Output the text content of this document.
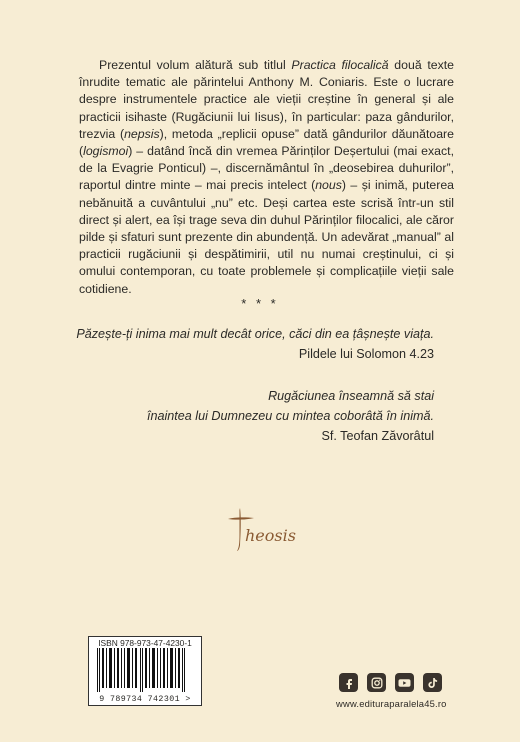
Prezentul volum alătură sub titlul Practica filocalică două texte înrudite tematic ale părintelui Anthony M. Coniaris. Este o lucrare despre instrumentele practice ale vieții creștine în general și ale practicii isihaste (Rugăciunii lui Iisus), în particular: paza gândurilor, trezvia (nepsis), metoda „replicii opuse” dată gândurilor dăunătoare (logismoi) – datând încă din vremea Părinților Deșertului (mai exact, de la Evagrie Ponticul) –, discernământul în „deosebirea duhurilor”, raportul dintre minte – mai precis intelect (nous) – și inimă, puterea nebănuită a cuvântului „nu” etc. Deși cartea este scrisă într-un stil direct și alert, ea își trage seva din duhul Părinților filocalici, ale căror pilde și sfaturi sunt prezente din abundență. Un adevărat „manual” al practicii rugăciunii și despătimirii, util nu numai creștinului, ci și omului contemporan, cu toate problemele și complicațiile vieții sale cotidiene.

* * *
Păzește-ți inima mai mult decât orice, căci din ea țâșnește viața.
Pildele lui Solomon 4.23
Rugăciunea înseamnă să stai
înaintea lui Dumnezeu cu mintea coborâtă în inimă.
Sf. Teofan Zăvorâtul
heosis
ISBN 978-973-47-4230-1
9 789734 742301 >	www.edituraparalela45.ro
